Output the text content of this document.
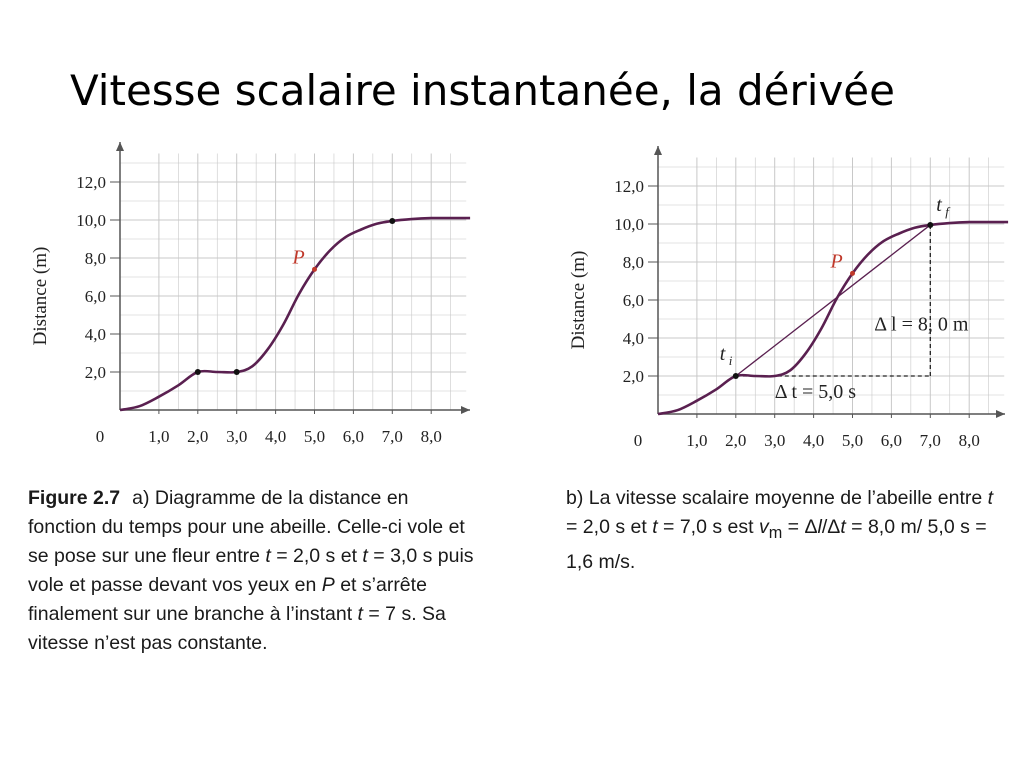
Vitesse scalaire instantanée, la dérivée
0	1,0 2,0 3,0 4,0 5,0 6,0 7,0 8,0
2,0
4,0
6,0
8,0
10,0
12,0
Distance (m)	P
0	1,0 2,0 3,0 4,0 5,0 6,0 7,0 8,0
2,0
4,0
6,0
8,0
10,0
12,0
Distance (m)	P
t i
t f
Δ l = 8, 0 m
Δ t = 5,0 s
Figure 2.7 a) Diagramme de la distance en fonction du temps pour une abeille. Celle-ci vole et se pose sur une fleur entre t = 2,0 s et t = 3,0 s puis vole et passe devant vos yeux en P et s’arrête finalement sur une branche à l’instant t = 7 s. Sa vitesse n’est pas constante.
b) La vitesse scalaire moyenne de l’abeille entre t = 2,0 s et t = 7,0 s est $v_m = \Delta l/\Delta t = 8,0$ m/ 5,0 s = 1,6 m/s.
